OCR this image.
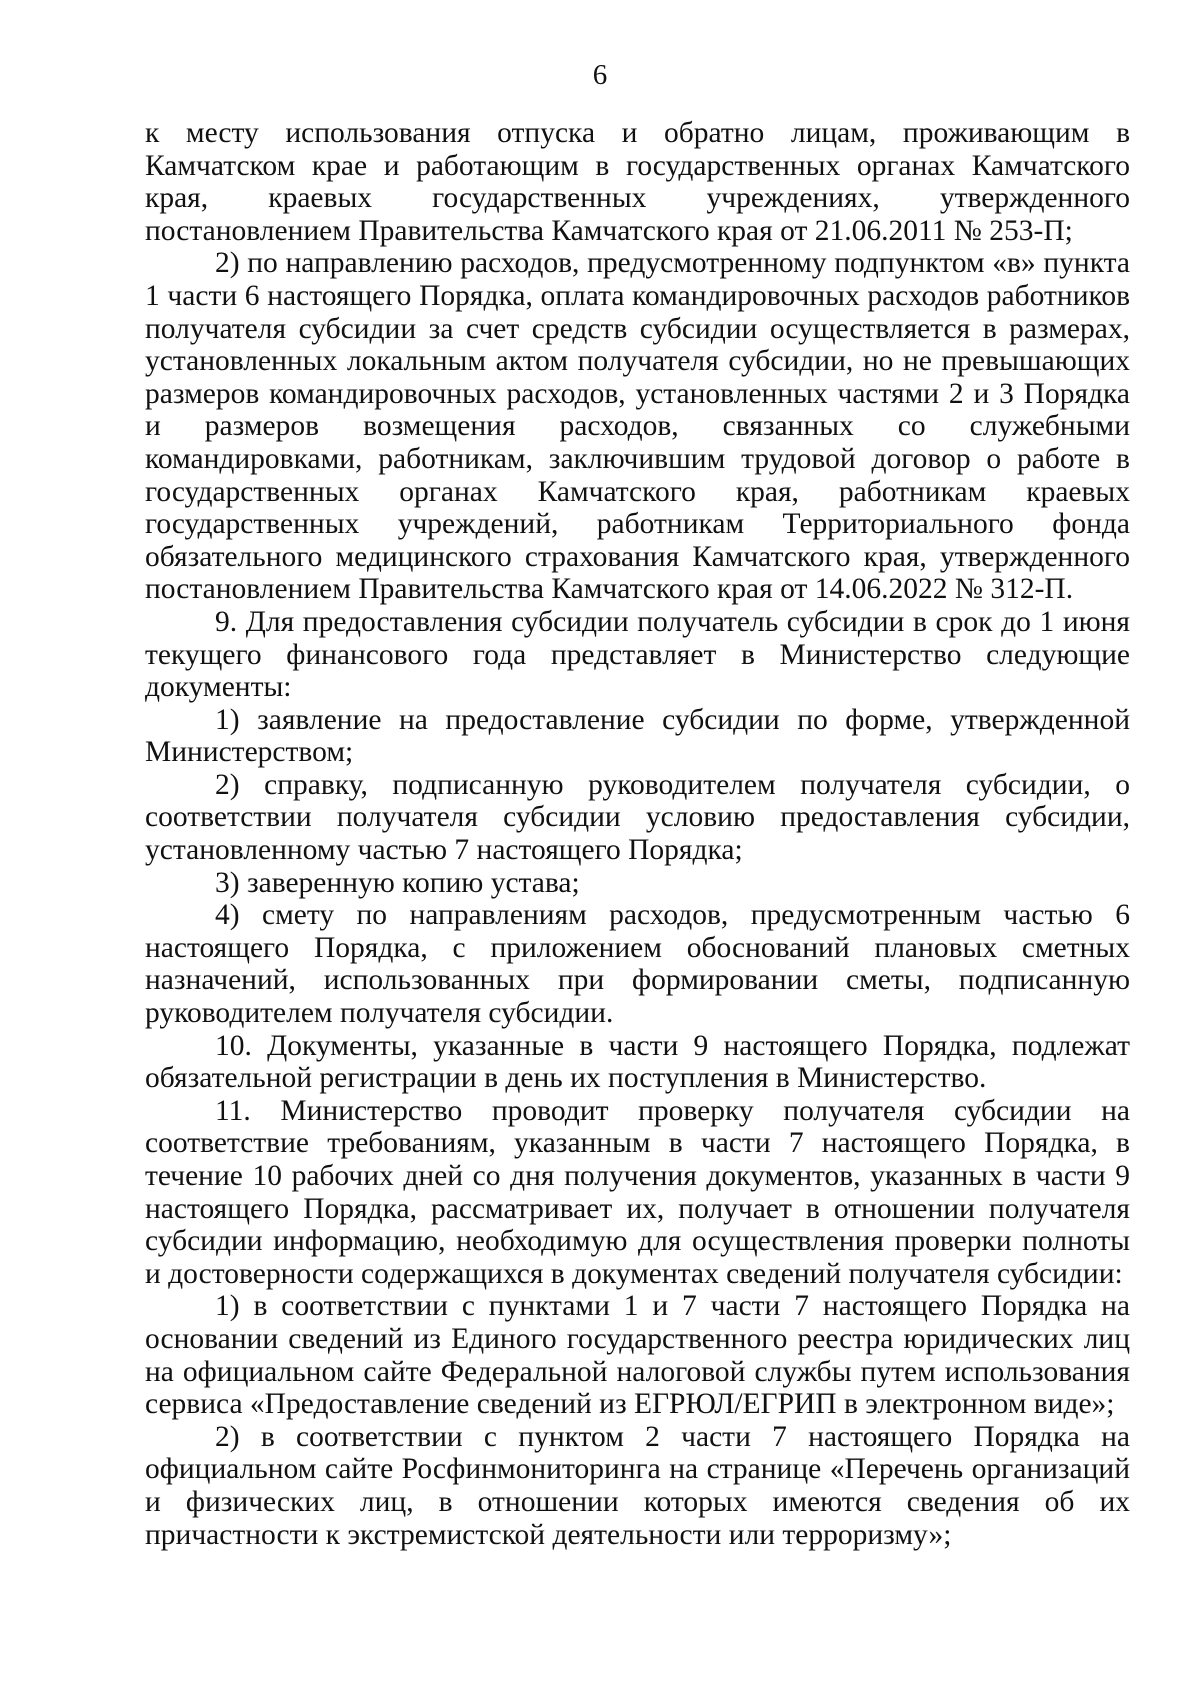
6

к месту использования отпуска и обратно лицам, проживающим в Камчатском крае и работающим в государственных органах Камчатского края, краевых государственных учреждениях, утвержденного постановлением Правительства Камчатского края от 21.06.2011 № 253-П;

2) по направлению расходов, предусмотренному подпунктом «в» пункта 1 части 6 настоящего Порядка, оплата командировочных расходов работников получателя субсидии за счет средств субсидии осуществляется в размерах, установленных локальным актом получателя субсидии, но не превышающих размеров командировочных расходов, установленных частями 2 и 3 Порядка и размеров возмещения расходов, связанных со служебными командировками, работникам, заключившим трудовой договор о работе в государственных органах Камчатского края, работникам краевых государственных учреждений, работникам Территориального фонда обязательного медицинского страхования Камчатского края, утвержденного постановлением Правительства Камчатского края от 14.06.2022 № 312-П.

9. Для предоставления субсидии получатель субсидии в срок до 1 июня текущего финансового года представляет в Министерство следующие документы:

1) заявление на предоставление субсидии по форме, утвержденной Министерством;

2) справку, подписанную руководителем получателя субсидии, о соответствии получателя субсидии условию предоставления субсидии, установленному частью 7 настоящего Порядка;

3) заверенную копию устава;

4) смету по направлениям расходов, предусмотренным частью 6 настоящего Порядка, с приложением обоснований плановых сметных назначений, использованных при формировании сметы, подписанную руководителем получателя субсидии.

10. Документы, указанные в части 9 настоящего Порядка, подлежат обязательной регистрации в день их поступления в Министерство.

11. Министерство проводит проверку получателя субсидии на соответствие требованиям, указанным в части 7 настоящего Порядка, в течение 10 рабочих дней со дня получения документов, указанных в части 9 настоящего Порядка, рассматривает их, получает в отношении получателя субсидии информацию, необходимую для осуществления проверки полноты и достоверности содержащихся в документах сведений получателя субсидии:

1) в соответствии с пунктами 1 и 7 части 7 настоящего Порядка на основании сведений из Единого государственного реестра юридических лиц на официальном сайте Федеральной налоговой службы путем использования сервиса «Предоставление сведений из ЕГРЮЛ/ЕГРИП в электронном виде»;

2) в соответствии с пунктом 2 части 7 настоящего Порядка на официальном сайте Росфинмониторинга на странице «Перечень организаций и физических лиц, в отношении которых имеются сведения об их причастности к экстремистской деятельности или терроризму»;
